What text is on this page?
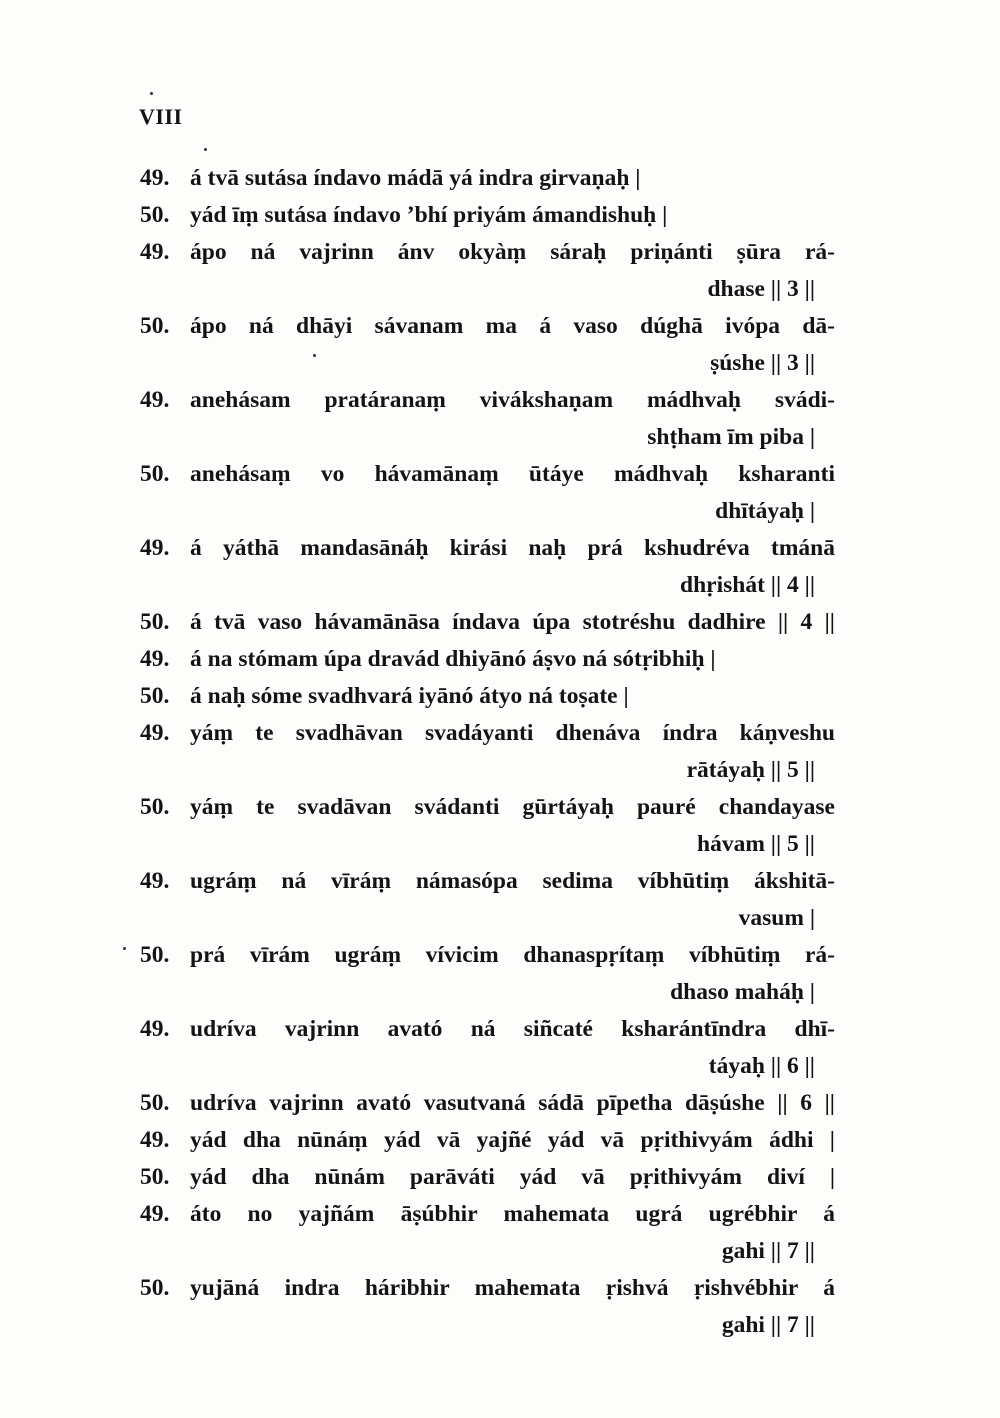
VIII
49. á tvā sutása índavo mádā yá indra girvaṇaḥ |
50. yád īṃ sutása índavo ’bhí priyám ámandishuḥ |
49. ápo ná vajrinn ánv okyàṃ sáraḥ priṇánti ṣūra rá-
dhase || 3 ||
50. ápo ná dhāyi sávanam ma á vaso dúghā ivópa dā-
ṣúshe || 3 ||
49. anehásam pratáranaṃ vivákshaṇam mádhvaḥ svádi-
shṭham īm piba |
50. anehásaṃ vo hávamānaṃ ūtáye mádhvaḥ ksharanti
dhītáyaḥ |
49. á yáthā mandasānáḥ kirási naḥ prá kshudréva tmánā
dhṛishát || 4 ||
50. á tvā vaso hávamānāsa índava úpa stotréshu dadhire || 4 ||
49. á na stómam úpa dravád dhiyānó áṣvo ná sótṛibhiḥ |
50. á naḥ sóme svadhvará iyānó átyo ná toṣate |
49. yáṃ te svadhāvan svadáyanti dhenáva índra káṇveshu
rātáyaḥ || 5 ||
50. yáṃ te svadāvan svádanti gūrtáyaḥ pauré chandayase
hávam || 5 ||
49. ugráṃ ná vīráṃ námasópa sedima víbhūtiṃ ákshitā-
vasum |
50. prá vīrám ugráṃ vívicim dhanaspṛítaṃ víbhūtiṃ rá-
dhaso maháḥ |
49. udríva vajrinn avató ná siñcaté ksharántīndra dhī-
táyaḥ || 6 ||
50. udríva vajrinn avató vasutvaná sádā pīpetha dāṣúshe || 6 ||
49. yád dha nūnáṃ yád vā yajñé yád vā pṛithivyám ádhi |
50. yád dha nūnám parāváti yád vā pṛithivyám diví |
49. áto no yajñám āṣúbhir mahemata ugrá ugrébhir á
gahi || 7 ||
50. yujāná indra háribhir mahemata ṛishvá ṛishvébhir á
gahi || 7 ||
